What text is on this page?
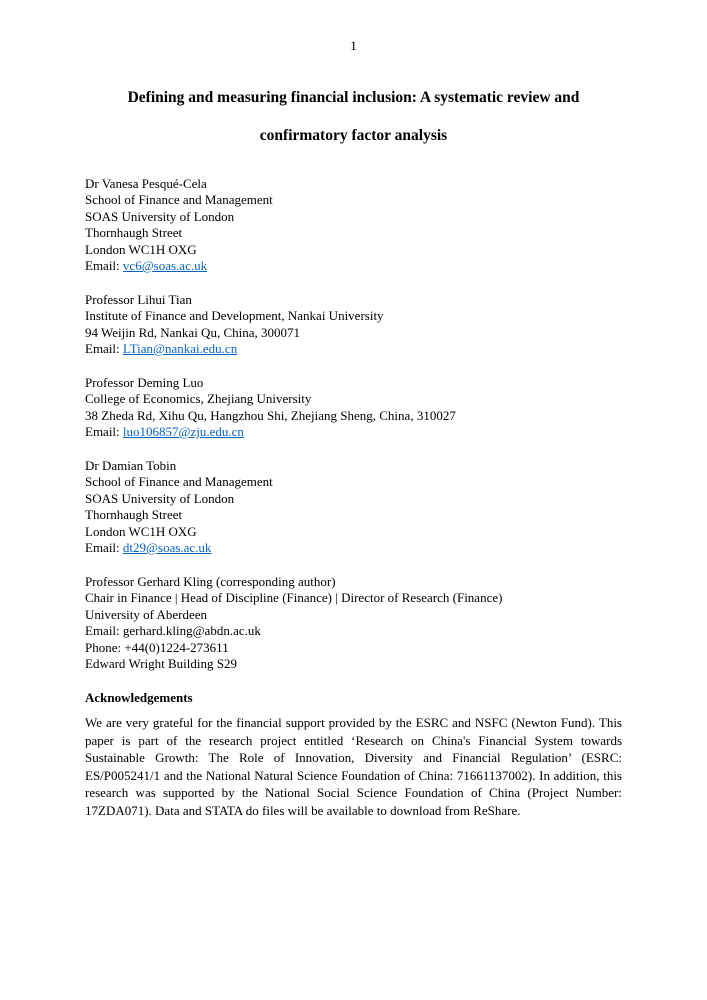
1
Defining and measuring financial inclusion: A systematic review and
confirmatory factor analysis

Dr Vanesa Pesqué-Cela

School of Finance and Management

SOAS University of London

Thornhaugh Street

London WC1H OXG

Email: vc6@soas.ac.uk

Professor Lihui Tian

Institute of Finance and Development, Nankai University

94 Weijin Rd, Nankai Qu, China, 300071

Email: LTian@nankai.edu.cn

Professor Deming Luo

College of Economics, Zhejiang University

38 Zheda Rd, Xihu Qu, Hangzhou Shi, Zhejiang Sheng, China, 310027

Email: luo106857@zju.edu.cn

Dr Damian Tobin

School of Finance and Management

SOAS University of London

Thornhaugh Street

London WC1H OXG

Email: dt29@soas.ac.uk

Professor Gerhard Kling (corresponding author)

Chair in Finance | Head of Discipline (Finance) | Director of Research (Finance)

University of Aberdeen

Email: gerhard.kling@abdn.ac.uk

Phone: +44(0)1224-273611

Edward Wright Building S29

Acknowledgements

We are very grateful for the financial support provided by the ESRC and NSFC (Newton Fund). This paper is part of the research project entitled ‘Research on China's Financial System towards Sustainable Growth: The Role of Innovation, Diversity and Financial Regulation’ (ESRC: ES/P005241/1 and the National Natural Science Foundation of China: 71661137002). In addition, this research was supported by the National Social Science Foundation of China (Project Number: 17ZDA071). Data and STATA do files will be available to download from ReShare.
